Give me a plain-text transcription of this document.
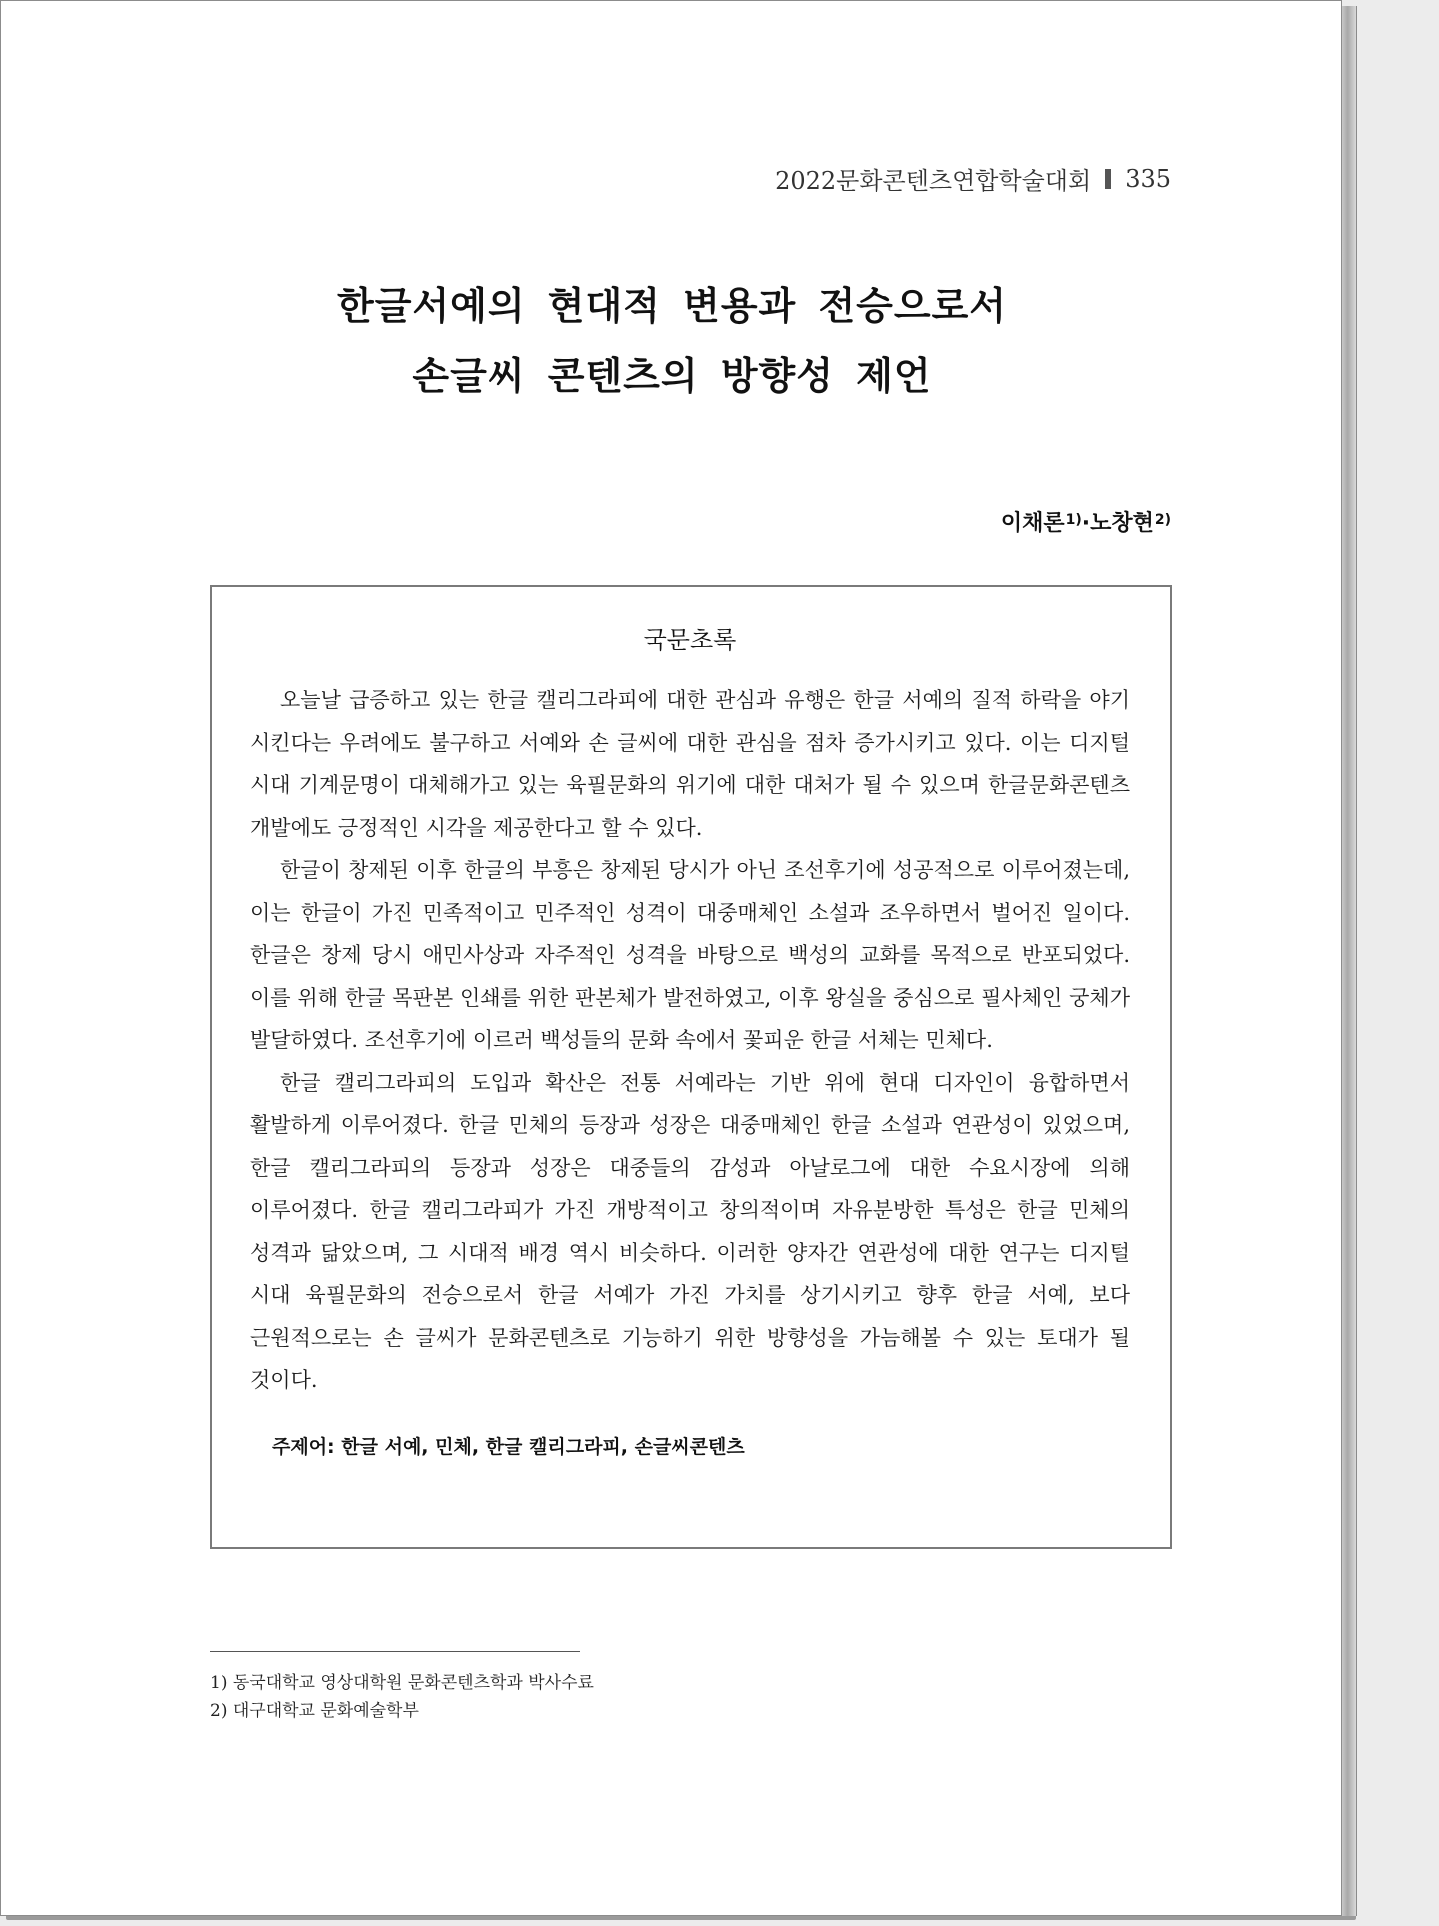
2022문화콘텐츠연합학술대회 335
한글서예의 현대적 변용과 전승으로서
손글씨 콘텐츠의 방향성 제언
이채론$^{1)}$·노창현$^{2)}$
국문초록

오늘날 급증하고 있는 한글 캘리그라피에 대한 관심과 유행은 한글 서예의 질적 하락을 야기 시킨다는 우려에도 불구하고 서예와 손 글씨에 대한 관심을 점차 증가시키고 있다. 이는 디지털 시대 기계문명이 대체해가고 있는 육필문화의 위기에 대한 대처가 될 수 있으며 한글문화콘텐츠 개발에도 긍정적인 시각을 제공한다고 할 수 있다.

한글이 창제된 이후 한글의 부흥은 창제된 당시가 아닌 조선후기에 성공적으로 이루어졌는데, 이는 한글이 가진 민족적이고 민주적인 성격이 대중매체인 소설과 조우하면서 벌어진 일이다. 한글은 창제 당시 애민사상과 자주적인 성격을 바탕으로 백성의 교화를 목적으로 반포되었다. 이를 위해 한글 목판본 인쇄를 위한 판본체가 발전하였고, 이후 왕실을 중심으로 필사체인 궁체가 발달하였다. 조선후기에 이르러 백성들의 문화 속에서 꽃피운 한글 서체는 민체다.

한글 캘리그라피의 도입과 확산은 전통 서예라는 기반 위에 현대 디자인이 융합하면서 활발하게 이루어졌다. 한글 민체의 등장과 성장은 대중매체인 한글 소설과 연관성이 있었으며, 한글 캘리그라피의 등장과 성장은 대중들의 감성과 아날로그에 대한 수요시장에 의해 이루어졌다. 한글 캘리그라피가 가진 개방적이고 창의적이며 자유분방한 특성은 한글 민체의 성격과 닮았으며, 그 시대적 배경 역시 비슷하다. 이러한 양자간 연관성에 대한 연구는 디지털 시대 육필문화의 전승으로서 한글 서예가 가진 가치를 상기시키고 향후 한글 서예, 보다 근원적으로는 손 글씨가 문화콘텐츠로 기능하기 위한 방향성을 가늠해볼 수 있는 토대가 될 것이다.

주제어: 한글 서예, 민체, 한글 캘리그라피, 손글씨콘텐츠
1) 동국대학교 영상대학원 문화콘텐츠학과 박사수료
2) 대구대학교 문화예술학부
